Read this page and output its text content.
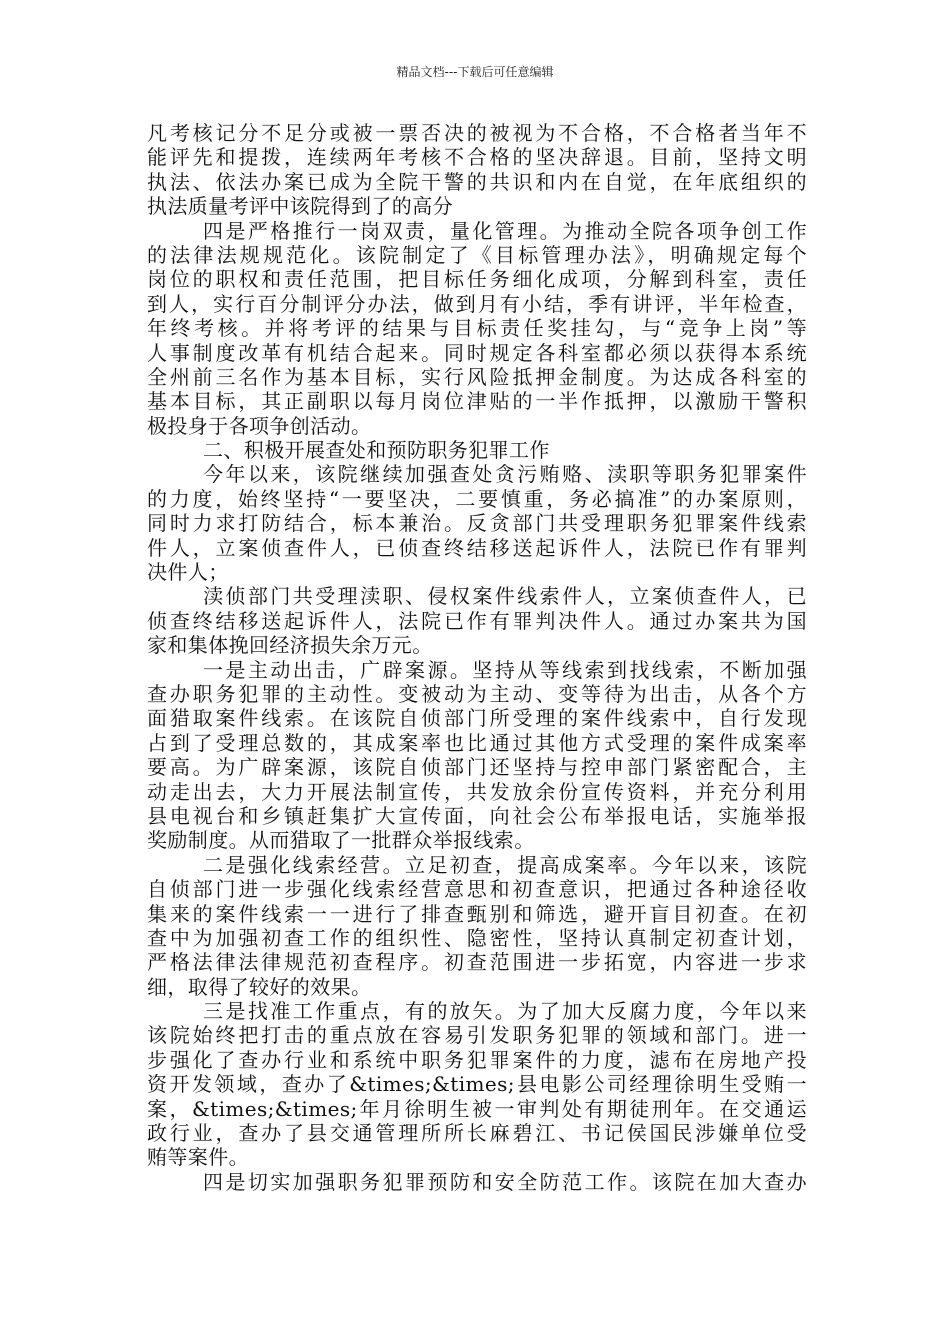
精品文档---下载后可任意编辑
凡考核记分不足分或被一票否决的被视为不合格，不合格者当年不
能评先和提拨，连续两年考核不合格的坚决辞退。目前，坚持文明
执法、依法办案已成为全院干警的共识和内在自觉，在年底组织的
执法质量考评中该院得到了的高分
四是严格推行一岗双责，量化管理。为推动全院各项争创工作
的法律法规规范化。该院制定了《目标管理办法》，明确规定每个
岗位的职权和责任范围，把目标任务细化成项，分解到科室，责任
到人，实行百分制评分办法，做到月有小结，季有讲评，半年检查，
年终考核。并将考评的结果与目标责任奖挂勾，与“竞争上岗”等
人事制度改革有机结合起来。同时规定各科室都必须以获得本系统
全州前三名作为基本目标，实行风险抵押金制度。为达成各科室的
基本目标，其正副职以每月岗位津贴的一半作抵押，以激励干警积
极投身于各项争创活动。
二、积极开展查处和预防职务犯罪工作
今年以来，该院继续加强查处贪污贿赂、渎职等职务犯罪案件
的力度，始终坚持“一要坚决，二要慎重，务必搞准”的办案原则，
同时力求打防结合，标本兼治。反贪部门共受理职务犯罪案件线索
件人，立案侦查件人，已侦查终结移送起诉件人，法院已作有罪判
决件人；
渎侦部门共受理渎职、侵权案件线索件人，立案侦查件人，已
侦查终结移送起诉件人，法院已作有罪判决件人。通过办案共为国
家和集体挽回经济损失余万元。
一是主动出击，广辟案源。坚持从等线索到找线索，不断加强
查办职务犯罪的主动性。变被动为主动、变等待为出击，从各个方
面猎取案件线索。在该院自侦部门所受理的案件线索中，自行发现
占到了受理总数的，其成案率也比通过其他方式受理的案件成案率
要高。为广辟案源，该院自侦部门还坚持与控申部门紧密配合，主
动走出去，大力开展法制宣传，共发放余份宣传资料，并充分利用
县电视台和乡镇赶集扩大宣传面，向社会公布举报电话，实施举报
奖励制度。从而猎取了一批群众举报线索。
二是强化线索经营。立足初查，提高成案率。今年以来，该院
自侦部门进一步强化线索经营意思和初查意识，把通过各种途径收
集来的案件线索一一进行了排查甄别和筛选，避开盲目初查。在初
查中为加强初查工作的组织性、隐密性，坚持认真制定初查计划，
严格法律法律规范初查程序。初查范围进一步拓宽，内容进一步求
细，取得了较好的效果。
三是找准工作重点，有的放矢。为了加大反腐力度，今年以来
该院始终把打击的重点放在容易引发职务犯罪的领域和部门。进一
步强化了查办行业和系统中职务犯罪案件的力度，滤布在房地产投
资开发领域，查办了&times;&times;县电影公司经理徐明生受贿一
案，&times;&times;年月徐明生被一审判处有期徒刑年。在交通运
政行业，查办了县交通管理所所长麻碧江、书记侯国民涉嫌单位受
贿等案件。
四是切实加强职务犯罪预防和安全防范工作。该院在加大查办
